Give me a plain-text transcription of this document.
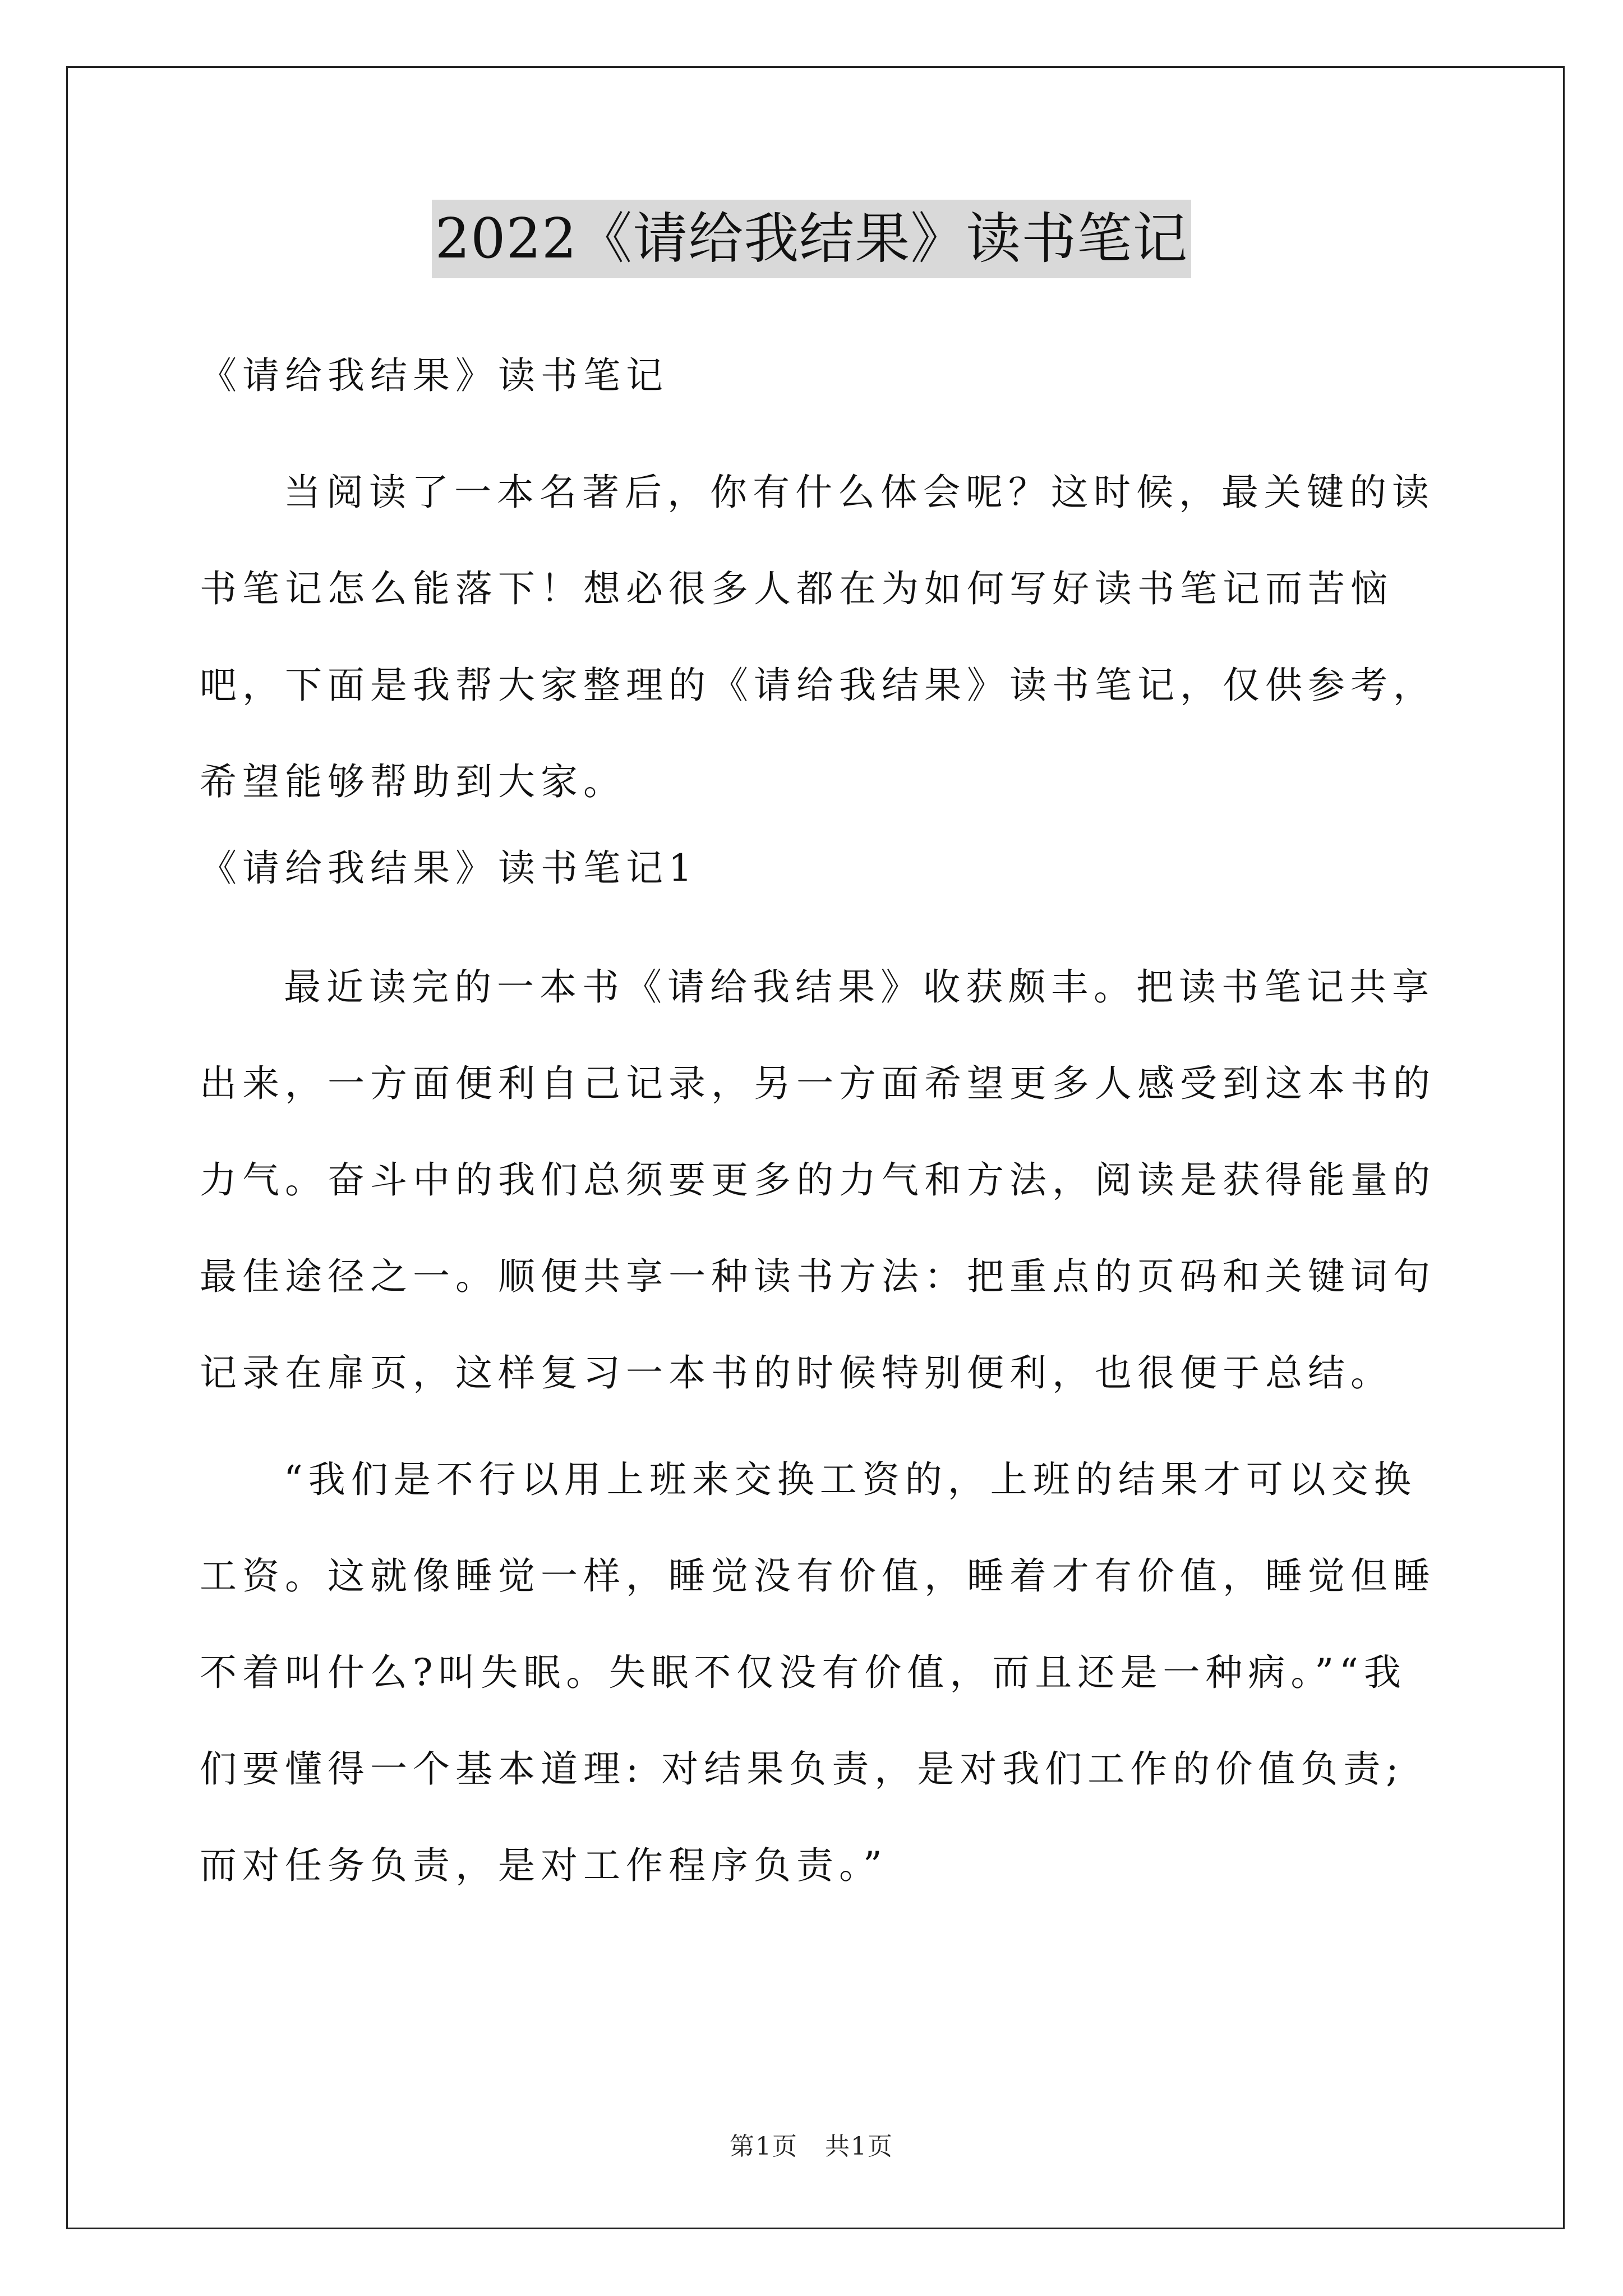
2022《请给我结果》读书笔记
《请给我结果》读书笔记

当阅读了一本名著后，你有什么体会呢？这时候，最关键的读书笔记怎么能落下！想必很多人都在为如何写好读书笔记而苦恼吧，下面是我帮大家整理的《请给我结果》读书笔记，仅供参考，希望能够帮助到大家。

《请给我结果》读书笔记1

最近读完的一本书《请给我结果》收获颇丰。把读书笔记共享出来，一方面便利自己记录，另一方面希望更多人感受到这本书的力气。奋斗中的我们总须要更多的力气和方法，阅读是获得能量的最佳途径之一。顺便共享一种读书方法：把重点的页码和关键词句记录在扉页，这样复习一本书的时候特别便利，也很便于总结。

“我们是不行以用上班来交换工资的，上班的结果才可以交换工资。这就像睡觉一样，睡觉没有价值，睡着才有价值，睡觉但睡不着叫什么?叫失眠。失眠不仅没有价值，而且还是一种病。”“我们要懂得一个基本道理: 对结果负责，是对我们工作的价值负责;而对任务负责，是对工作程序负责。”

第1页   共1页
